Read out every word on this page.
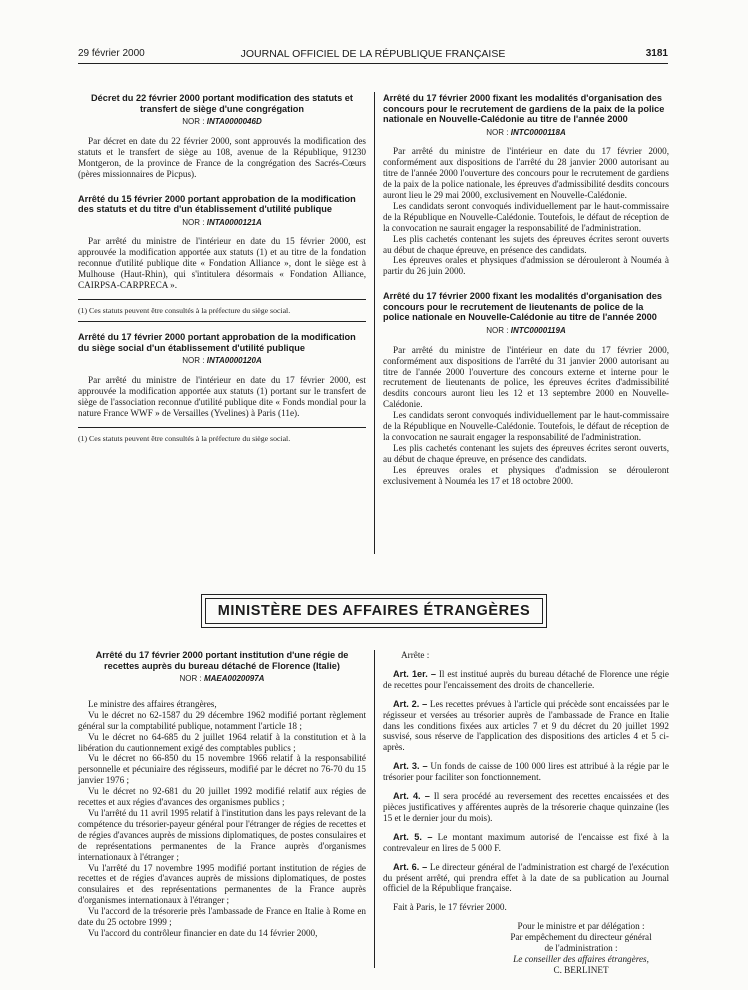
29 février 2000	JOURNAL OFFICIEL DE LA RÉPUBLIQUE FRANÇAISE	3181
Décret du 22 février 2000 portant modification des statuts et transfert de siège d'une congrégation
NOR : INTA0000046D

Par décret en date du 22 février 2000, sont approuvés la modification des statuts et le transfert de siège au 108, avenue de la République, 91230 Montgeron, de la province de France de la congrégation des Sacrés-Cœurs (pères missionnaires de Picpus).

Arrêté du 15 février 2000 portant approbation de la modification des statuts et du titre d'un établissement d'utilité publique
NOR : INTA0000121A

Par arrêté du ministre de l'intérieur en date du 15 février 2000, est approuvée la modification apportée aux statuts (1) et au titre de la fondation reconnue d'utilité publique dite « Fondation Alliance », dont le siège est à Mulhouse (Haut-Rhin), qui s'intitulera désormais « Fondation Alliance, CAIRPSA-CARPRECA ».

(1) Ces statuts peuvent être consultés à la préfecture du siège social.

Arrêté du 17 février 2000 portant approbation de la modification du siège social d'un établissement d'utilité publique
NOR : INTA0000120A

Par arrêté du ministre de l'intérieur en date du 17 février 2000, est approuvée la modification apportée aux statuts (1) portant sur le transfert de siège de l'association reconnue d'utilité publique dite « Fonds mondial pour la nature France WWF » de Versailles (Yvelines) à Paris (11e).

(1) Ces statuts peuvent être consultés à la préfecture du siège social.

Arrêté du 17 février 2000 fixant les modalités d'organisation des concours pour le recrutement de gardiens de la paix de la police nationale en Nouvelle-Calédonie au titre de l'année 2000
NOR : INTC0000118A

Par arrêté du ministre de l'intérieur en date du 17 février 2000, conformément aux dispositions de l'arrêté du 28 janvier 2000 autorisant au titre de l'année 2000 l'ouverture des concours pour le recrutement de gardiens de la paix de la police nationale, les épreuves d'admissibilité desdits concours auront lieu le 29 mai 2000, exclusivement en Nouvelle-Calédonie.

Les candidats seront convoqués individuellement par le haut-commissaire de la République en Nouvelle-Calédonie. Toutefois, le défaut de réception de la convocation ne saurait engager la responsabilité de l'administration.

Les plis cachetés contenant les sujets des épreuves écrites seront ouverts au début de chaque épreuve, en présence des candidats.

Les épreuves orales et physiques d'admission se dérouleront à Nouméa à partir du 26 juin 2000.

Arrêté du 17 février 2000 fixant les modalités d'organisation des concours pour le recrutement de lieutenants de police de la police nationale en Nouvelle-Calédonie au titre de l'année 2000
NOR : INTC0000119A

Par arrêté du ministre de l'intérieur en date du 17 février 2000, conformément aux dispositions de l'arrêté du 31 janvier 2000 autorisant au titre de l'année 2000 l'ouverture des concours externe et interne pour le recrutement de lieutenants de police, les épreuves écrites d'admissibilité desdits concours auront lieu les 12 et 13 septembre 2000 en Nouvelle-Calédonie.

Les candidats seront convoqués individuellement par le haut-commissaire de la République en Nouvelle-Calédonie. Toutefois, le défaut de réception de la convocation ne saurait engager la responsabilité de l'administration.

Les plis cachetés contenant les sujets des épreuves écrites seront ouverts, au début de chaque épreuve, en présence des candidats.

Les épreuves orales et physiques d'admission se dérouleront exclusivement à Nouméa les 17 et 18 octobre 2000.

MINISTÈRE DES AFFAIRES ÉTRANGÈRES
Arrêté du 17 février 2000 portant institution d'une régie de recettes auprès du bureau détaché de Florence (Italie)
NOR : MAEA0020097A

Le ministre des affaires étrangères,

Vu le décret no 62-1587 du 29 décembre 1962 modifié portant règlement général sur la comptabilité publique, notamment l'article 18 ;

Vu le décret no 64-685 du 2 juillet 1964 relatif à la constitution et à la libération du cautionnement exigé des comptables publics ;

Vu le décret no 66-850 du 15 novembre 1966 relatif à la responsabilité personnelle et pécuniaire des régisseurs, modifié par le décret no 76-70 du 15 janvier 1976 ;

Vu le décret no 92-681 du 20 juillet 1992 modifié relatif aux régies de recettes et aux régies d'avances des organismes publics ;

Vu l'arrêté du 11 avril 1995 relatif à l'institution dans les pays relevant de la compétence du trésorier-payeur général pour l'étranger de régies de recettes et de régies d'avances auprès de missions diplomatiques, de postes consulaires et de représentations permanentes de la France auprès d'organismes internationaux à l'étranger ;

Vu l'arrêté du 17 novembre 1995 modifié portant institution de régies de recettes et de régies d'avances auprès de missions diplomatiques, de postes consulaires et des représentations permanentes de la France auprès d'organismes internationaux à l'étranger ;

Vu l'accord de la trésorerie près l'ambassade de France en Italie à Rome en date du 25 octobre 1999 ;

Vu l'accord du contrôleur financier en date du 14 février 2000,

Arrête :

Art. 1er. – Il est institué auprès du bureau détaché de Florence une régie de recettes pour l'encaissement des droits de chancellerie.

Art. 2. – Les recettes prévues à l'article qui précède sont encaissées par le régisseur et versées au trésorier auprès de l'ambassade de France en Italie dans les conditions fixées aux articles 7 et 9 du décret du 20 juillet 1992 susvisé, sous réserve de l'application des dispositions des articles 4 et 5 ci-après.

Art. 3. – Un fonds de caisse de 100 000 lires est attribué à la régie par le trésorier pour faciliter son fonctionnement.

Art. 4. – Il sera procédé au reversement des recettes encaissées et des pièces justificatives y afférentes auprès de la trésorerie chaque quinzaine (les 15 et le dernier jour du mois).

Art. 5. – Le montant maximum autorisé de l'encaisse est fixé à la contrevaleur en lires de 5 000 F.

Art. 6. – Le directeur général de l'administration est chargé de l'exécution du présent arrêté, qui prendra effet à la date de sa publication au Journal officiel de la République française.

Fait à Paris, le 17 février 2000.

Pour le ministre et par délégation :

Par empêchement du directeur général

de l'administration :

Le conseiller des affaires étrangères,

C. BERLINET
